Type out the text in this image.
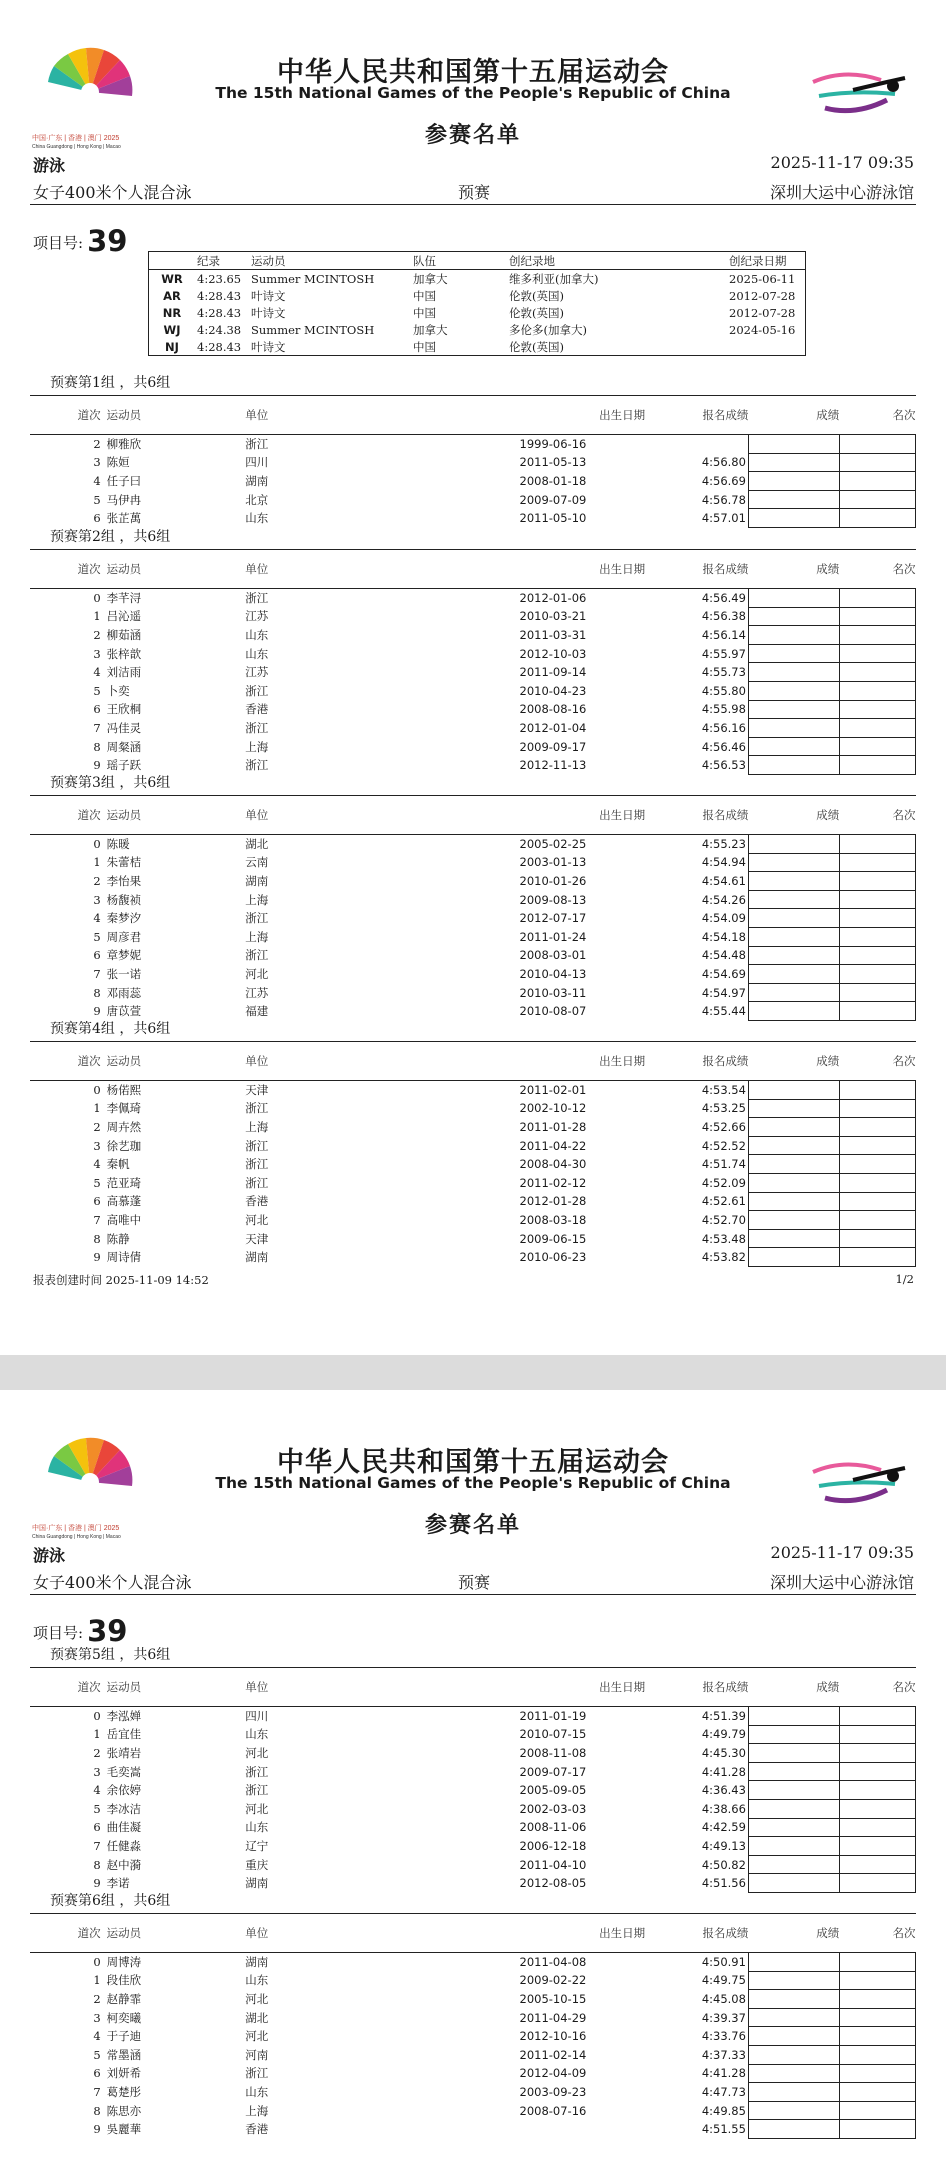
中国·广东 | 香港 | 澳门 2025
China Guangdong | Hong Kong | Macao
中华人民共和国第十五届运动会
The 15th National Games of the People's Republic of China
参赛名单
游泳	2025-11-17 09:35
女子400米个人混合泳	预赛	深圳大运中心游泳馆
项目号: 39
	纪录	运动员	队伍	创纪录地	创纪录日期
WR	4:23.65	Summer MCINTOSH	加拿大	维多利亚(加拿大)	2025-06-11
AR	4:28.43	叶诗文	中国	伦敦(英国)	2012-07-28
NR	4:28.43	叶诗文	中国	伦敦(英国)	2012-07-28
WJ	4:24.38	Summer MCINTOSH	加拿大	多伦多(加拿大)	2024-05-16
NJ	4:28.43	叶诗文	中国	伦敦(英国)	
预赛第1组 ，共6组
道次	运动员	单位	出生日期	报名成绩	成绩	名次
2	柳雅欣	浙江	1999-06-16			
3	陈姮	四川	2011-05-13	4:56.80		
4	任子曰	湖南	2008-01-18	4:56.69		
5	马伊冉	北京	2009-07-09	4:56.78		
6	张芷萬	山东	2011-05-10	4:57.01		
预赛第2组 ，共6组
道次	运动员	单位	出生日期	报名成绩	成绩	名次
0	李芊浔	浙江	2012-01-06	4:56.49		
1	吕沁遥	江苏	2010-03-21	4:56.38		
2	柳茹涵	山东	2011-03-31	4:56.14		
3	张梓歆	山东	2012-10-03	4:55.97		
4	刘洁雨	江苏	2011-09-14	4:55.73		
5	卜奕	浙江	2010-04-23	4:55.80		
6	王欣桐	香港	2008-08-16	4:55.98		
7	冯佳灵	浙江	2012-01-04	4:56.16		
8	周粲涵	上海	2009-09-17	4:56.46		
9	瑶子跃	浙江	2012-11-13	4:56.53		
预赛第3组 ，共6组
道次	运动员	单位	出生日期	报名成绩	成绩	名次
0	陈暖	湖北	2005-02-25	4:55.23		
1	朱蕾桔	云南	2003-01-13	4:54.94		
2	李怡果	湖南	2010-01-26	4:54.61		
3	杨馥祯	上海	2009-08-13	4:54.26		
4	秦梦汐	浙江	2012-07-17	4:54.09		
5	周彦君	上海	2011-01-24	4:54.18		
6	章梦妮	浙江	2008-03-01	4:54.48		
7	张一诺	河北	2010-04-13	4:54.69		
8	邓雨蕊	江苏	2010-03-11	4:54.97		
9	唐苡萱	福建	2010-08-07	4:55.44		
预赛第4组 ，共6组
道次	运动员	单位	出生日期	报名成绩	成绩	名次
0	杨偌熙	天津	2011-02-01	4:53.54		
1	李佩琦	浙江	2002-10-12	4:53.25		
2	周卉然	上海	2011-01-28	4:52.66		
3	徐艺珈	浙江	2011-04-22	4:52.52		
4	秦帆	浙江	2008-04-30	4:51.74		
5	范亚琦	浙江	2011-02-12	4:52.09		
6	高慕蓬	香港	2012-01-28	4:52.61		
7	高唯中	河北	2008-03-18	4:52.70		
8	陈静	天津	2009-06-15	4:53.48		
9	周诗倩	湖南	2010-06-23	4:53.82		
报表创建时间 2025-11-09 14:52	1/2
中国·广东 | 香港 | 澳门 2025
China Guangdong | Hong Kong | Macao
中华人民共和国第十五届运动会
The 15th National Games of the People's Republic of China
参赛名单
游泳	2025-11-17 09:35
女子400米个人混合泳	预赛	深圳大运中心游泳馆
项目号: 39
预赛第5组 ，共6组
道次	运动员	单位	出生日期	报名成绩	成绩	名次
0	李泓婵	四川	2011-01-19	4:51.39		
1	岳宜佳	山东	2010-07-15	4:49.79		
2	张靖岩	河北	2008-11-08	4:45.30		
3	毛奕嵩	浙江	2009-07-17	4:41.28		
4	余依婷	浙江	2005-09-05	4:36.43		
5	李冰洁	河北	2002-03-03	4:38.66		
6	曲佳凝	山东	2008-11-06	4:42.59		
7	任健淼	辽宁	2006-12-18	4:49.13		
8	赵中漪	重庆	2011-04-10	4:50.82		
9	李诺	湖南	2012-08-05	4:51.56		
预赛第6组 ，共6组
道次	运动员	单位	出生日期	报名成绩	成绩	名次
0	周博涛	湖南	2011-04-08	4:50.91		
1	段佳欣	山东	2009-02-22	4:49.75		
2	赵静霏	河北	2005-10-15	4:45.08		
3	柯奕曦	湖北	2011-04-29	4:39.37		
4	于子迪	河北	2012-10-16	4:33.76		
5	常墨涵	河南	2011-02-14	4:37.33		
6	刘妍希	浙江	2012-04-09	4:41.28		
7	葛楚彤	山东	2003-09-23	4:47.73		
8	陈思亦	上海	2008-07-16	4:49.85		
9	吳麗華	香港		4:51.55		
